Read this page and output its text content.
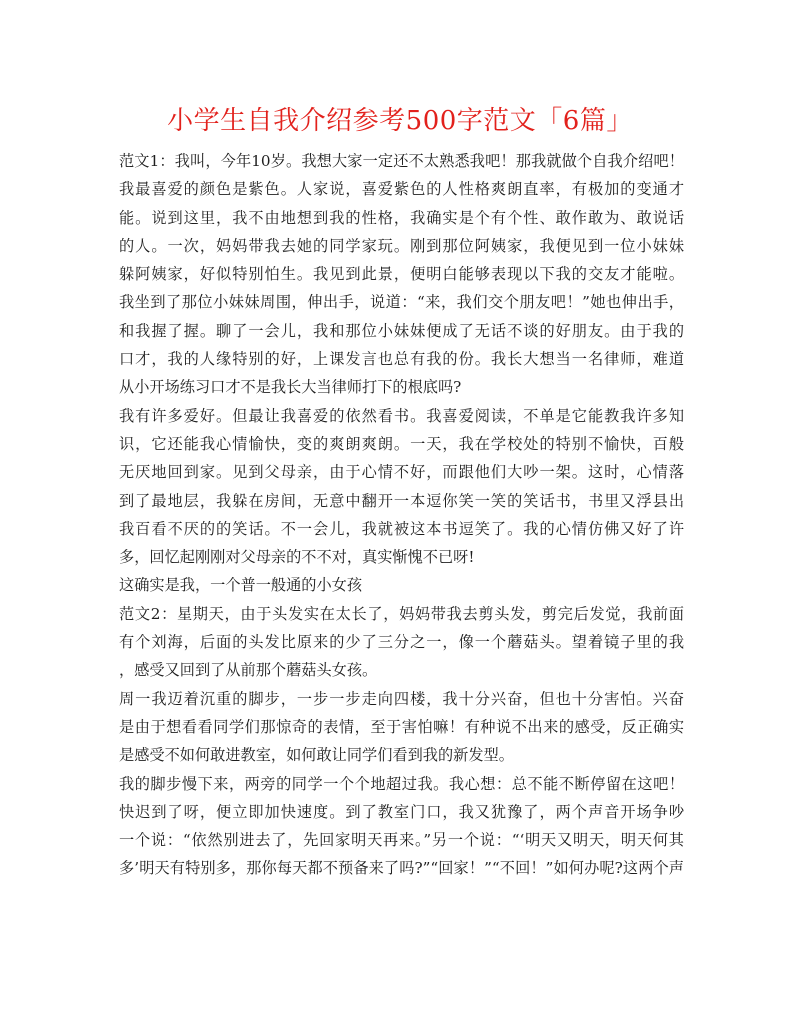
小学生自我介绍参考500字范文「6篇」
范文1：我叫，今年10岁。我想大家一定还不太熟悉我吧！那我就做个自我介绍吧！
我最喜爱的颜色是紫色。人家说，喜爱紫色的人性格爽朗直率，有极加的变通才
能。说到这里，我不由地想到我的性格，我确实是个有个性、敢作敢为、敢说话
的人。一次，妈妈带我去她的同学家玩。刚到那位阿姨家，我便见到一位小妹妹
躲阿姨家，好似特别怕生。我见到此景，便明白能够表现以下我的交友才能啦。
我坐到了那位小妹妹周围，伸出手，说道：“来，我们交个朋友吧！”她也伸出手，
和我握了握。聊了一会儿，我和那位小妹妹便成了无话不谈的好朋友。由于我的
口才，我的人缘特别的好，上课发言也总有我的份。我长大想当一名律师，难道
从小开场练习口才不是我长大当律师打下的根底吗?
我有许多爱好。但最让我喜爱的依然看书。我喜爱阅读，不单是它能教我许多知
识，它还能我心情愉快，变的爽朗爽朗。一天，我在学校处的特别不愉快，百般
无厌地回到家。见到父母亲，由于心情不好，而跟他们大吵一架。这时，心情落
到了最地层，我躲在房间，无意中翻开一本逗你笑一笑的笑话书，书里又浮县出
我百看不厌的的笑话。不一会儿，我就被这本书逗笑了。我的心情仿佛又好了许
多，回忆起刚刚对父母亲的不不对，真实惭愧不已呀!
这确实是我，一个普一般通的小女孩
范文2：星期天，由于头发实在太长了，妈妈带我去剪头发，剪完后发觉，我前面
有个刘海，后面的头发比原来的少了三分之一，像一个蘑菇头。望着镜子里的我
，感受又回到了从前那个蘑菇头女孩。
周一我迈着沉重的脚步，一步一步走向四楼，我十分兴奋，但也十分害怕。兴奋
是由于想看看同学们那惊奇的表情，至于害怕嘛！有种说不出来的感受，反正确实
是感受不如何敢进教室，如何敢让同学们看到我的新发型。
我的脚步慢下来，两旁的同学一个个地超过我。我心想：总不能不断停留在这吧！
快迟到了呀，便立即加快速度。到了教室门口，我又犹豫了，两个声音开场争吵
一个说：“依然别进去了，先回家明天再来。”另一个说：“‘明天又明天，明天何其
多’明天有特别多，那你每天都不预备来了吗?”“回家！”“不回！”如何办呢?这两个声
